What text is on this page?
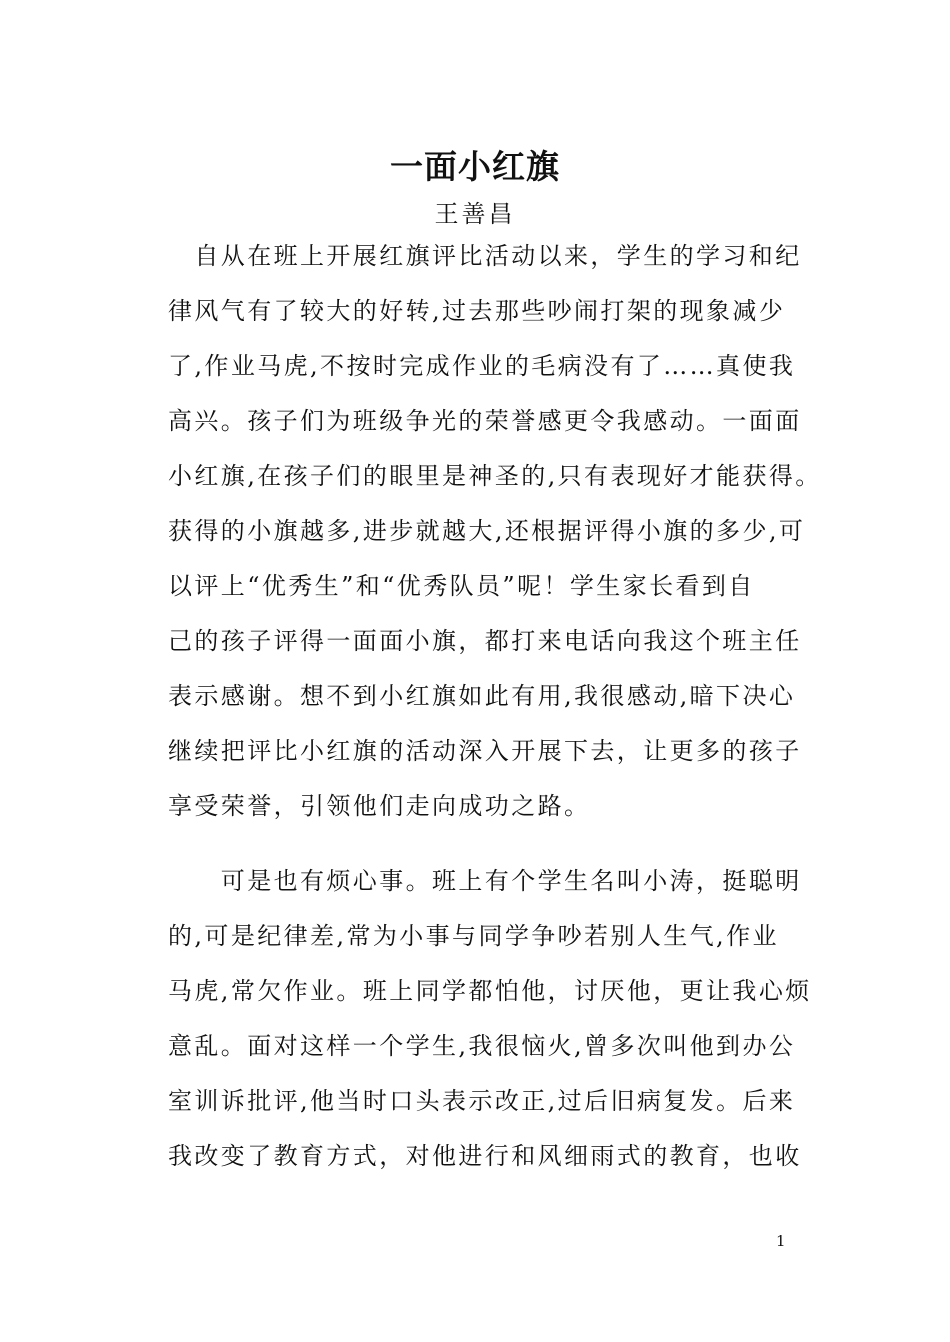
一面小红旗
王善昌
　自从在班上开展红旗评比活动以来，学生的学习和纪
律风气有了较大的好转,过去那些吵闹打架的现象减少
了,作业马虎,不按时完成作业的毛病没有了……真使我
高兴。孩子们为班级争光的荣誉感更令我感动。一面面
小红旗,在孩子们的眼里是神圣的,只有表现好才能获得。
获得的小旗越多,进步就越大,还根据评得小旗的多少,可
以评上“优秀生”和“优秀队员”呢！学生家长看到自
己的孩子评得一面面小旗，都打来电话向我这个班主任
表示感谢。想不到小红旗如此有用,我很感动,暗下决心
继续把评比小红旗的活动深入开展下去，让更多的孩子
享受荣誉，引领他们走向成功之路。
　　可是也有烦心事。班上有个学生名叫小涛，挺聪明
的,可是纪律差,常为小事与同学争吵若别人生气,作业
马虎,常欠作业。班上同学都怕他，讨厌他，更让我心烦
意乱。面对这样一个学生,我很恼火,曾多次叫他到办公
室训诉批评,他当时口头表示改正,过后旧病复发。后来
我改变了教育方式，对他进行和风细雨式的教育，也收
1
